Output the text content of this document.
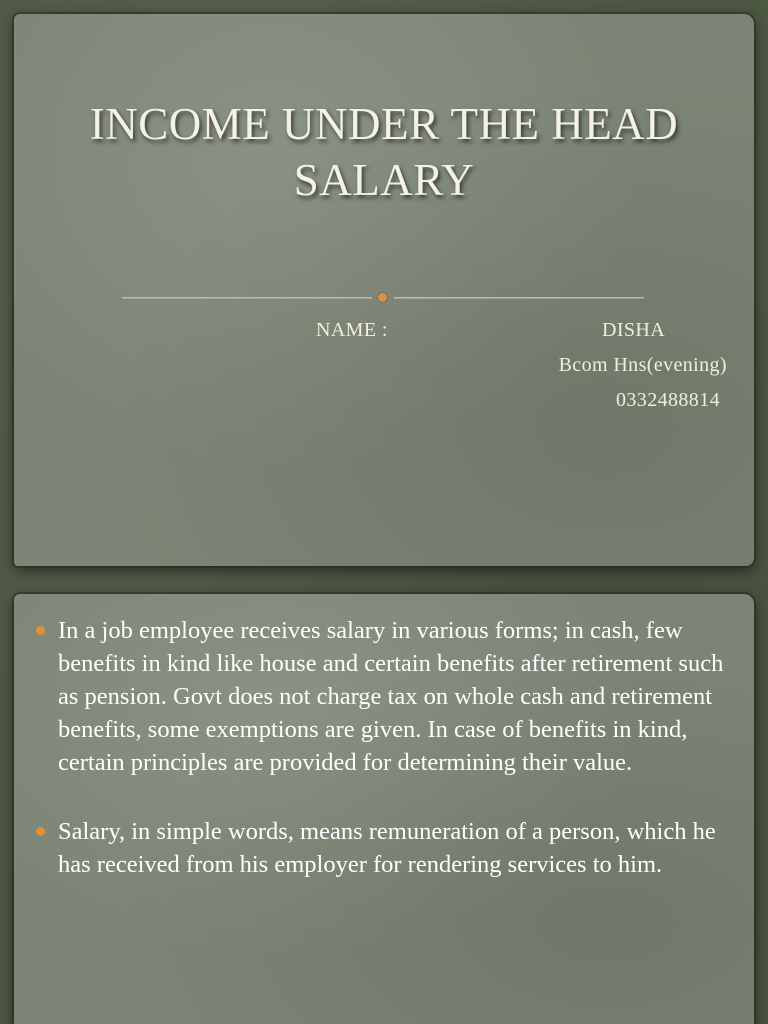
INCOME UNDER THE HEAD SALARY
NAME :	DISHA
Bcom Hns(evening)
0332488814
In a job employee receives salary in various forms; in cash, few benefits in kind like house and certain benefits after retirement such as pension. Govt does not charge tax on whole cash and retirement benefits, some exemptions are given. In case of benefits in kind, certain principles are provided for determining their value.
Salary, in simple words, means remuneration of a person, which he has received from his employer for rendering services to him.
